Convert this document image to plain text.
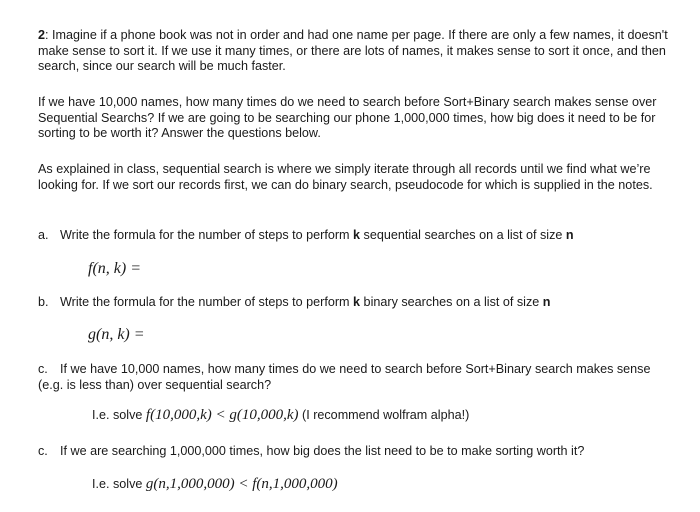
2: Imagine if a phone book was not in order and had one name per page. If there are only a few names, it doesn't make sense to sort it. If we use it many times, or there are lots of names, it makes sense to sort it once, and then search, since our search will be much faster.

If we have 10,000 names, how many times do we need to search before Sort+Binary search makes sense over Sequential Searchs? If we are going to be searching our phone 1,000,000 times, how big does it need to be for sorting to be worth it? Answer the questions below.

As explained in class, sequential search is where we simply iterate through all records until we find what we’re looking for. If we sort our records first, we can do binary search, pseudocode for which is supplied in the notes.

a. Write the formula for the number of steps to perform k sequential searches on a list of size n

f(n, k) =

b. Write the formula for the number of steps to perform k binary searches on a list of size n

g(n, k) =

c. If we have 10,000 names, how many times do we need to search before Sort+Binary search makes sense (e.g. is less than) over sequential search?

I.e. solve f(10,000,k) < g(10,000,k) (I recommend wolfram alpha!)

c. If we are searching 1,000,000 times, how big does the list need to be to make sorting worth it?

I.e. solve g(n,1,000,000) < f(n,1,000,000)
